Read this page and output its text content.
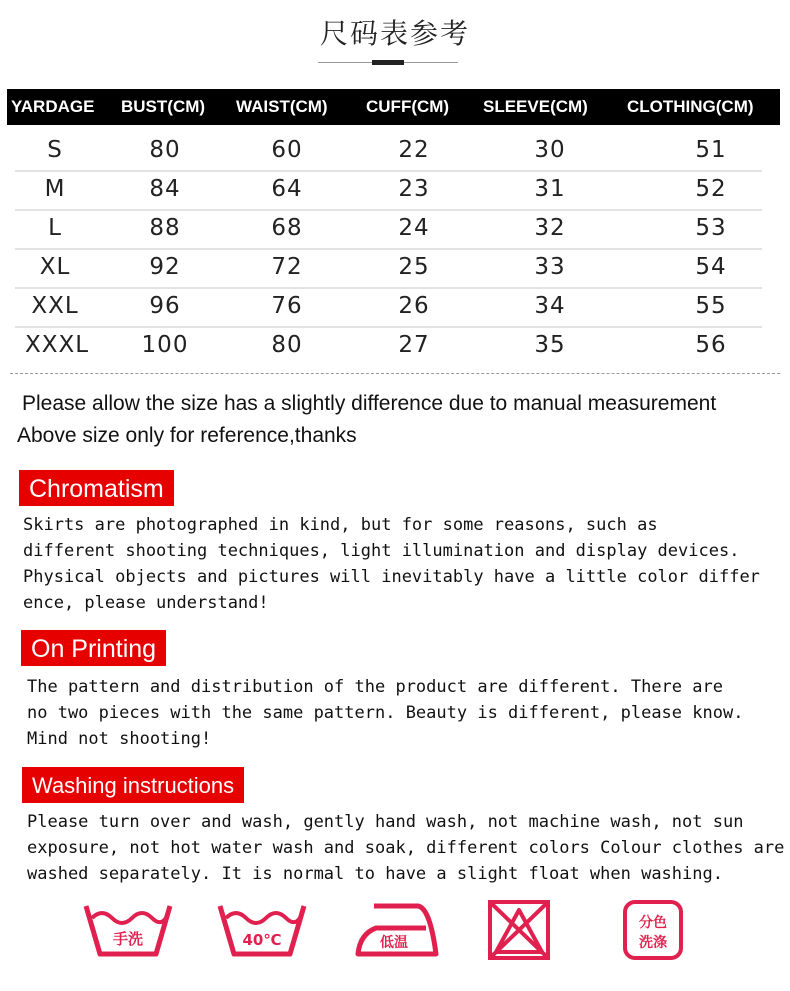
尺码表参考
YARDAGE BUST(CM) WAIST(CM) CUFF(CM) SLEEVE(CM) CLOTHING(CM)
S	80	60	22	30	51
M	84	64	23	31	52
L	88	68	24	32	53
XL	92	72	25	33	54
XXL	96	76	26	34	55
XXXL 100	80	27	35	56
Please allow the size has a slightly difference due to manual measurement
Above size only for reference,thanks
Chromatism
Skirts are photographed in kind, but for some reasons, such as
different shooting techniques, light illumination and display devices.
Physical objects and pictures will inevitably have a little color differ
ence, please understand!
On Printing
The pattern and distribution of the product are different. There are
no two pieces with the same pattern. Beauty is different, please know.
Mind not shooting!
Washing instructions
Please turn over and wash, gently hand wash, not machine wash, not sun
exposure, not hot water wash and soak, different colors Colour clothes are
washed separately. It is normal to have a slight float when washing.
手洗	40℃	低温
分色
洗涤
